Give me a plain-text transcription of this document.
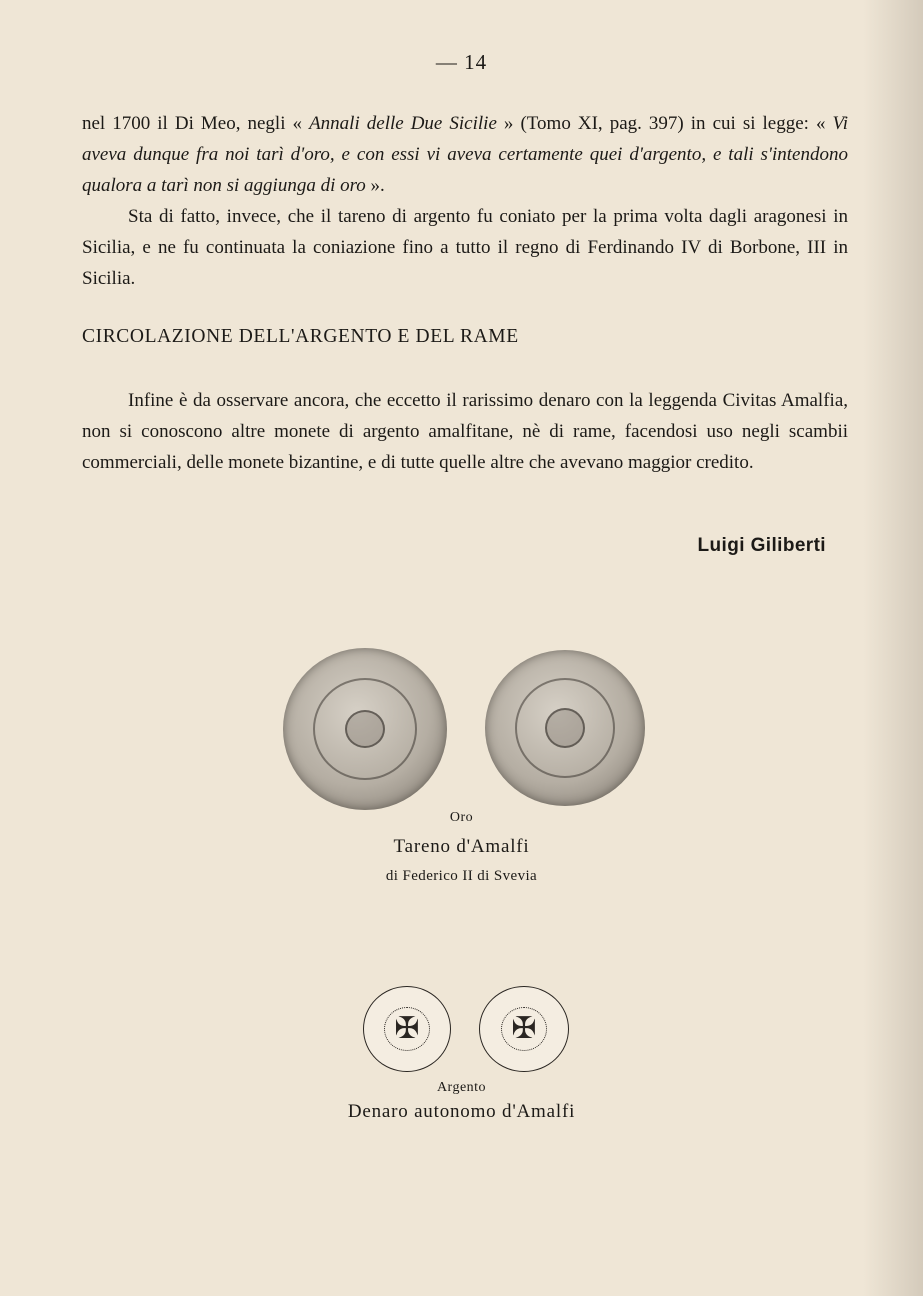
— 14
nel 1700 il Di Meo, negli « Annali delle Due Sicilie » (Tomo XI, pag. 397) in cui si legge: « Vi aveva dunque fra noi tarì d'oro, e con essi vi aveva certamente quei d'argento, e tali s'intendono qualora a tarì non si aggiunga di oro ».
Sta di fatto, invece, che il tareno di argento fu coniato per la prima volta dagli aragonesi in Sicilia, e ne fu continuata la coniazione fino a tutto il regno di Ferdinando IV di Borbone, III in Sicilia.
CIRCOLAZIONE DELL'ARGENTO E DEL RAME
Infine è da osservare ancora, che eccetto il rarissimo denaro con la leggenda Civitas Amalfia, non si conoscono altre monete di argento amalfitane, nè di rame, facendosi uso negli scambii commerciali, delle monete bizantine, e di tutte quelle altre che avevano maggior credito.
Luigi Giliberti
Oro
Tareno d'Amalfi
di Federico II di Svevia
✠	✠
Argento
Denaro autonomo d'Amalfi
